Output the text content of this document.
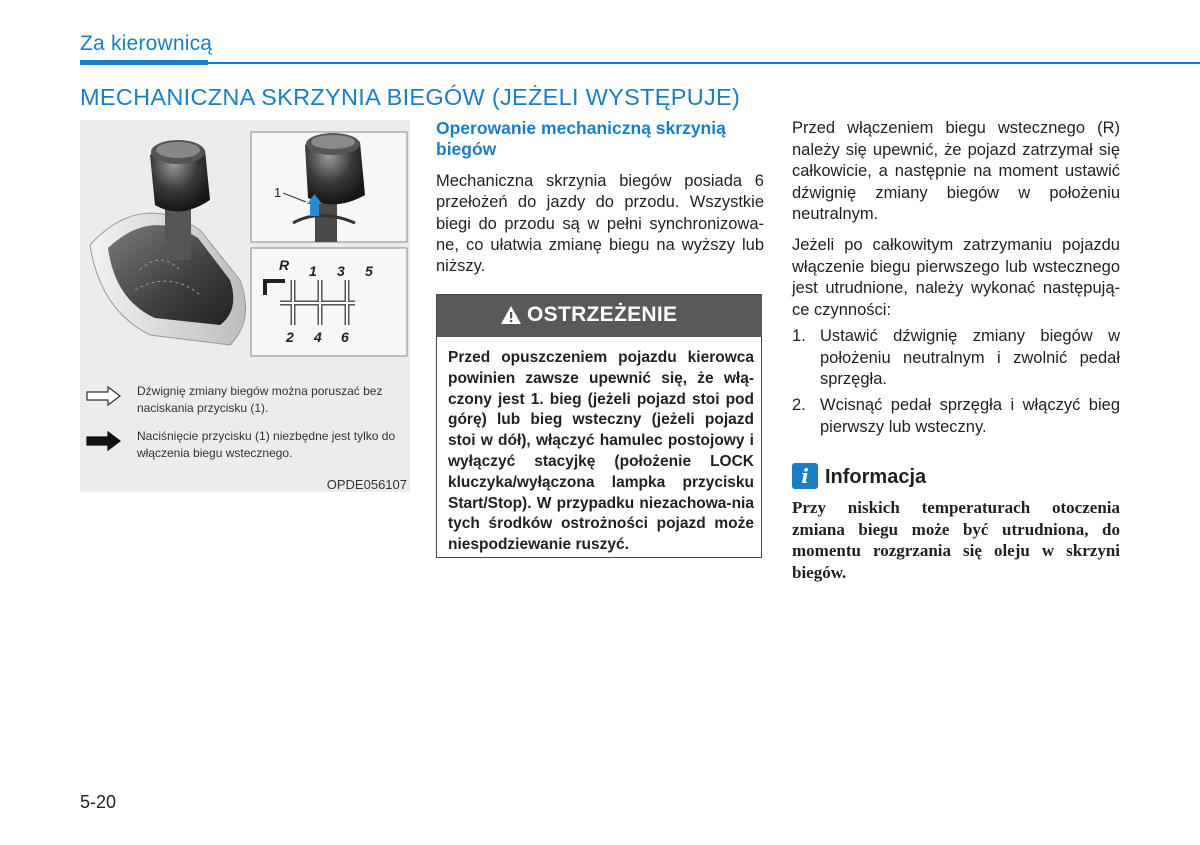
Za kierownicą
MECHANICZNA SKRZYNIA BIEGÓW (JEŻELI WYSTĘPUJE)
1
R 1 3 5
2 4 6
Dźwignię zmiany biegów można poruszać bez naciskania przycisku (1).
Naciśnięcie przycisku (1) niezbędne jest tylko do włączenia biegu wstecznego.
OPDE056107
Operowanie mechaniczną skrzynią biegów
Mechaniczna skrzynia biegów posiada 6 przełożeń do jazdy do przodu. Wszystkie biegi do przodu są w pełni synchronizowa-ne, co ułatwia zmianę biegu na wyższy lub niższy.
OSTRZEŻENIE
Przed opuszczeniem pojazdu kierowca powinien zawsze upewnić się, że włą-czony jest 1. bieg (jeżeli pojazd stoi pod górę) lub bieg wsteczny (jeżeli pojazd stoi w dół), włączyć hamulec postojowy i wyłączyć stacyjkę (położenie LOCK kluczyka/wyłączona lampka przycisku Start/Stop). W przypadku niezachowa-nia tych środków ostrożności pojazd może niespodziewanie ruszyć.
Przed włączeniem biegu wstecznego (R) należy się upewnić, że pojazd zatrzymał się całkowicie, a następnie na moment ustawić dźwignię zmiany biegów w położeniu neutralnym.
Jeżeli po całkowitym zatrzymaniu pojazdu włączenie biegu pierwszego lub wstecznego jest utrudnione, należy wykonać następują-ce czynności:
1. Ustawić dźwignię zmiany biegów w położeniu neutralnym i zwolnić pedał sprzęgła.
2. Wcisnąć pedał sprzęgła i włączyć bieg pierwszy lub wsteczny.
i Informacja
Przy niskich temperaturach otoczenia zmiana biegu może być utrudniona, do momentu rozgrzania się oleju w skrzyni biegów.
5-20
